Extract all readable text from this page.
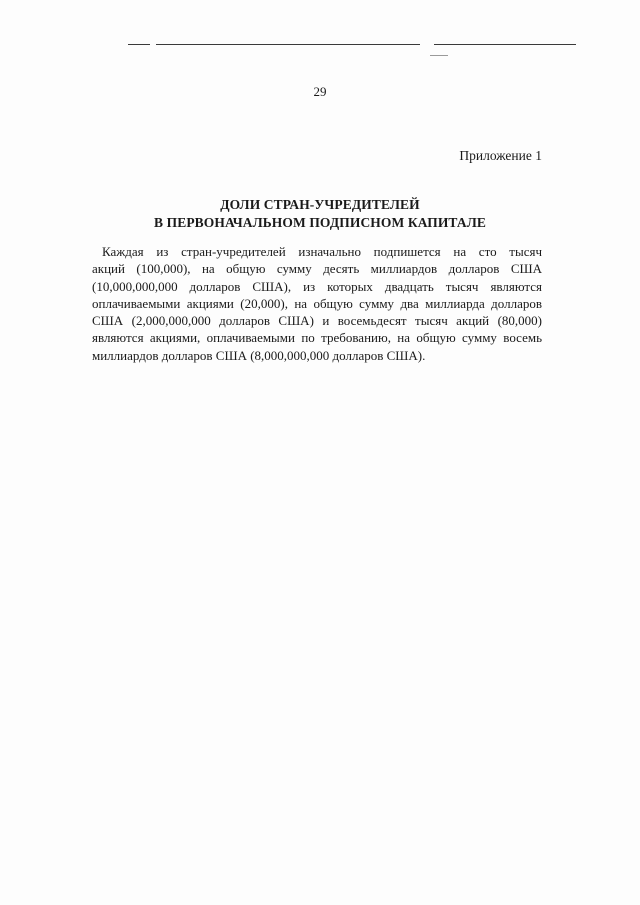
29
Приложение 1
ДОЛИ СТРАН-УЧРЕДИТЕЛЕЙ
В ПЕРВОНАЧАЛЬНОМ ПОДПИСНОМ КАПИТАЛЕ
Каждая из стран-учредителей изначально подпишется на сто тысяч
акций (100,000), на общую сумму десять миллиардов долларов США
(10,000,000,000 долларов США), из которых двадцать тысяч являются
оплачиваемыми акциями (20,000), на общую сумму два миллиарда долларов
США (2,000,000,000 долларов США) и восемьдесят тысяч акций (80,000)
являются акциями, оплачиваемыми по требованию, на общую сумму восемь
миллиардов долларов США (8,000,000,000 долларов США).
